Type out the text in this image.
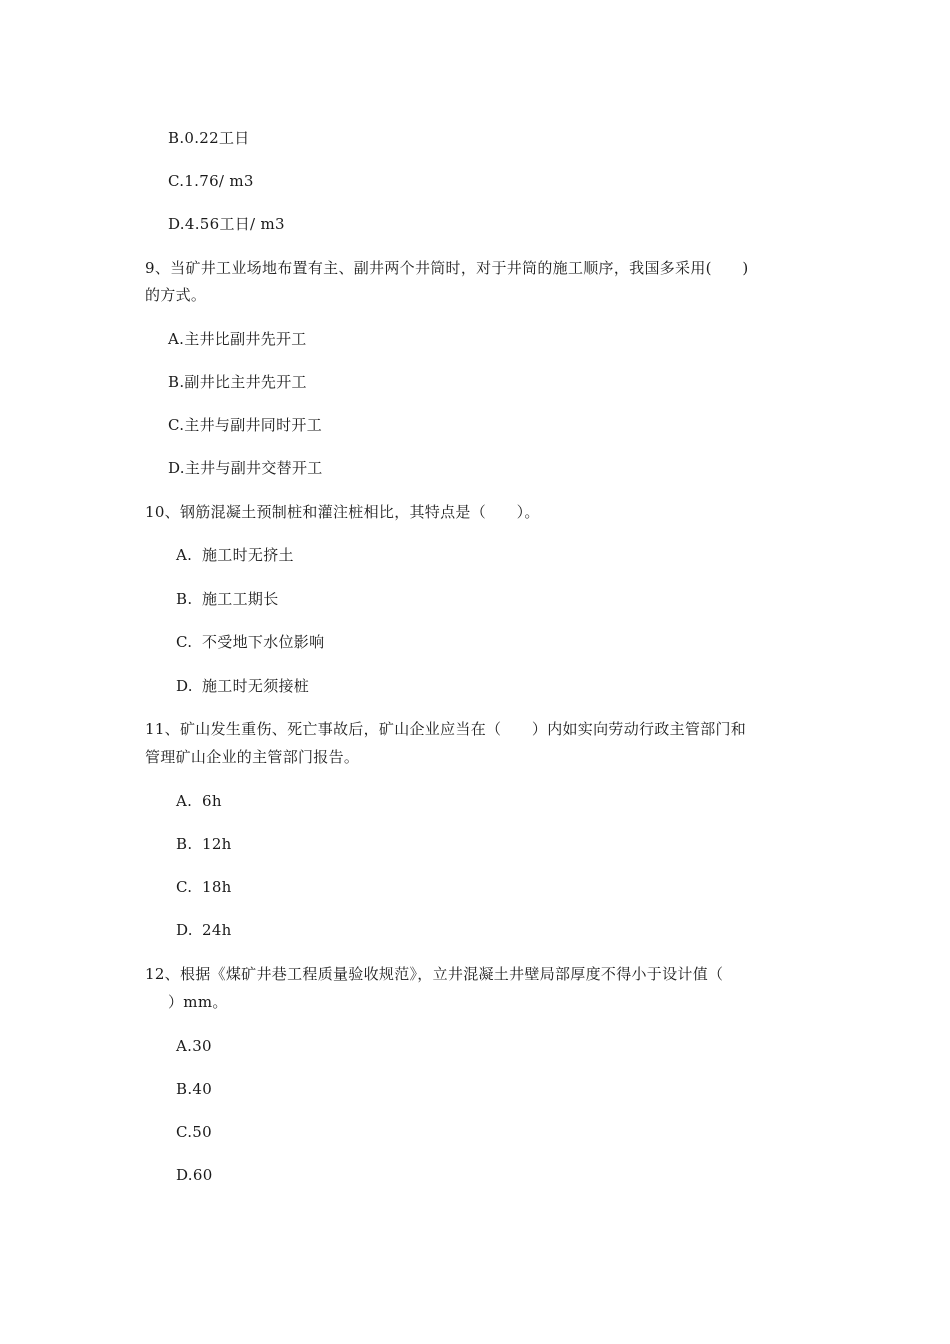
B.0.22工日
C.1.76/ m3
D.4.56工日/ m3
9、当矿井工业场地布置有主、副井两个井筒时，对于井筒的施工顺序，我国多采用(　　)
的方式。
A.主井比副井先开工
B.副井比主井先开工
C.主井与副井同时开工
D.主井与副井交替开工
10、钢筋混凝土预制桩和灌注桩相比，其特点是（　　）。
A. 施工时无挤土
B. 施工工期长
C. 不受地下水位影响
D. 施工时无须接桩
11、矿山发生重伤、死亡事故后，矿山企业应当在（　　）内如实向劳动行政主管部门和
管理矿山企业的主管部门报告。
A. 6h
B. 12h
C. 18h
D. 24h
12、根据《煤矿井巷工程质量验收规范》，立井混凝土井壁局部厚度不得小于设计值（
）mm。
A.30
B.40
C.50
D.60
